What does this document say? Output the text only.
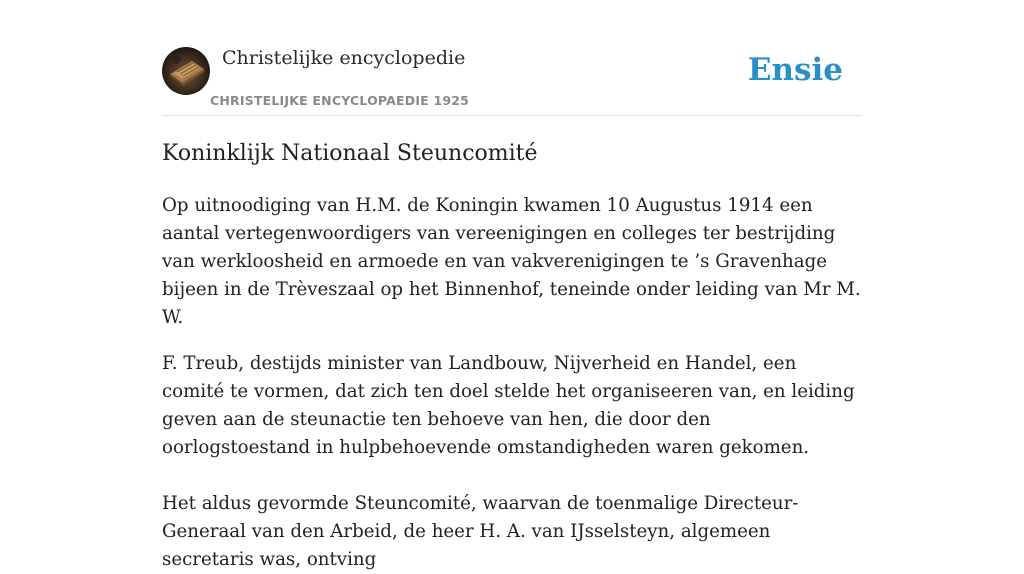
Christelijke encyclopedie
CHRISTELIJKE ENCYCLOPAEDIE 1925
Ensie
Koninklijk Nationaal Steuncomité

Op uitnoodiging van H.M. de Koningin kwamen 10 Augustus 1914 een aantal vertegenwoordigers van vereenigingen en colleges ter bestrijding van werkloosheid en armoede en van vakverenigingen te ’s Gravenhage bijeen in de Trèveszaal op het Binnenhof, teneinde onder leiding van Mr M. W.

F. Treub, destijds minister van Landbouw, Nijverheid en Handel, een comité te vormen, dat zich ten doel stelde het organiseeren van, en leiding geven aan de steunactie ten behoeve van hen, die door den oorlogstoestand in hulpbehoevende omstandigheden waren gekomen.

Het aldus gevormde Steuncomité, waarvan de toenmalige Directeur-Generaal van den Arbeid, de heer H. A. van IJsselsteyn, algemeen secretaris was, ontving
